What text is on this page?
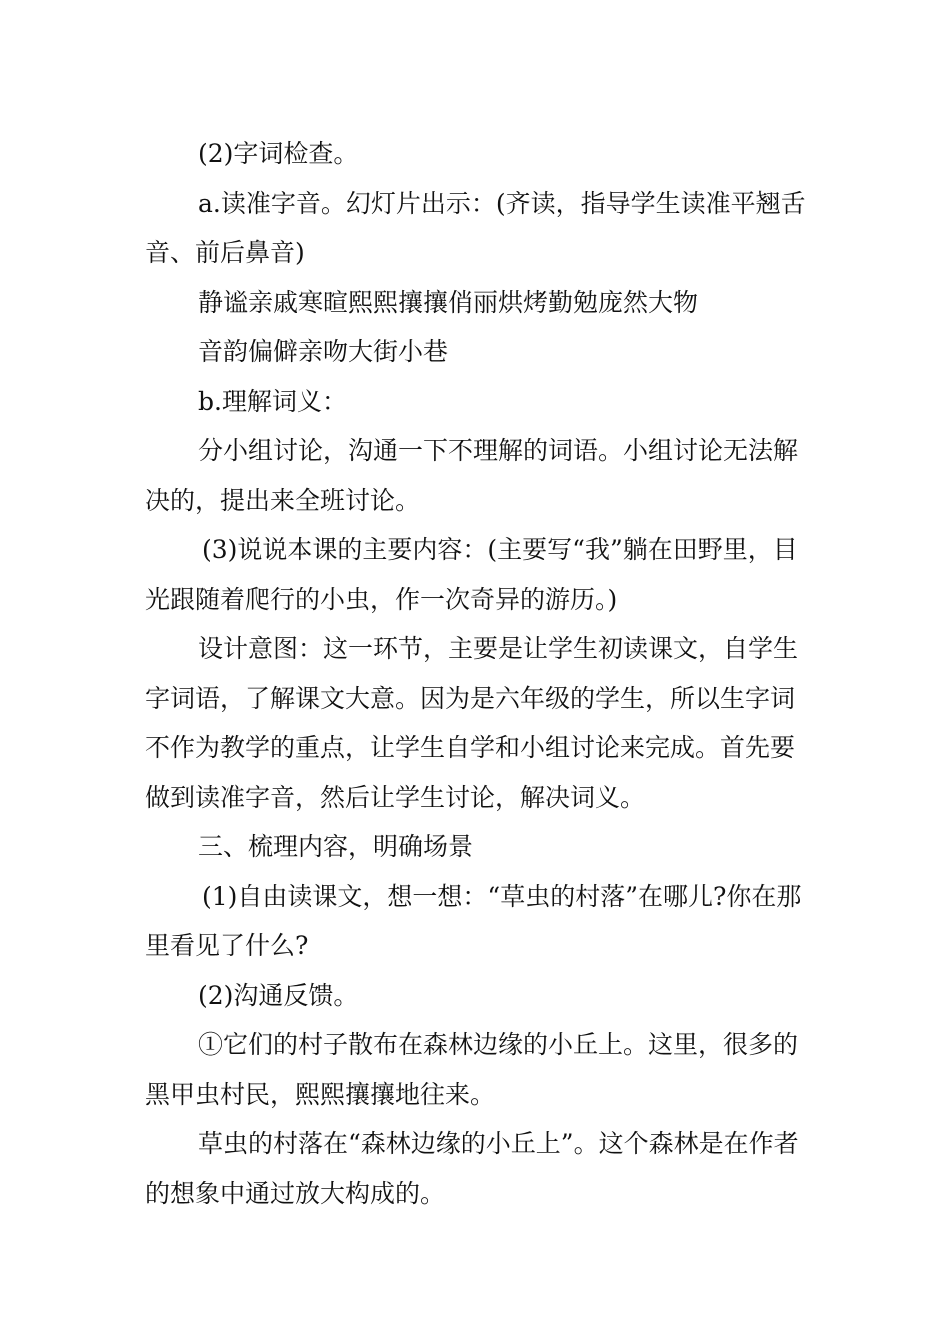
(2)字词检查。

a.读准字音。幻灯片出示：(齐读，指导学生读准平翘舌音、前后鼻音)

静谧亲戚寒暄熙熙攘攘俏丽烘烤勤勉庞然大物

音韵偏僻亲吻大街小巷

b.理解词义：

分小组讨论，沟通一下不理解的词语。小组讨论无法解决的，提出来全班讨论。

(3)说说本课的主要内容：(主要写“我”躺在田野里，目光跟随着爬行的小虫，作一次奇异的游历。)

设计意图：这一环节，主要是让学生初读课文，自学生字词语，了解课文大意。因为是六年级的学生，所以生字词不作为教学的重点，让学生自学和小组讨论来完成。首先要做到读准字音，然后让学生讨论，解决词义。

三、梳理内容，明确场景

(1)自由读课文，想一想：“草虫的村落”在哪儿?你在那里看见了什么?

(2)沟通反馈。

①它们的村子散布在森林边缘的小丘上。这里，很多的黑甲虫村民，熙熙攘攘地往来。

草虫的村落在“森林边缘的小丘上”。这个森林是在作者的想象中通过放大构成的。
